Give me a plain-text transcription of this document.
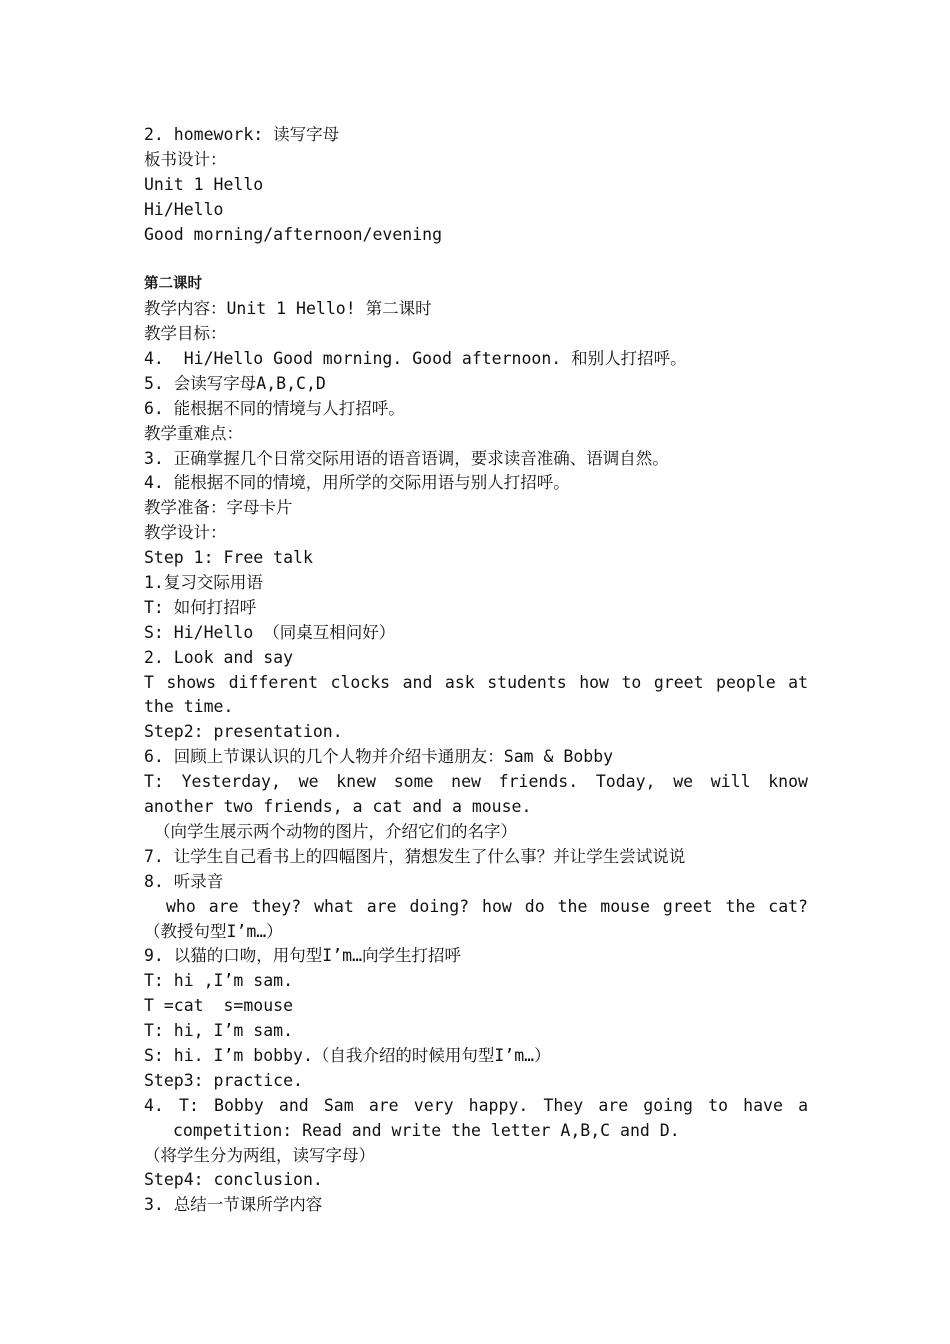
2. homework: 读写字母
板书设计：
Unit 1 Hello
Hi/Hello
Good morning/afternoon/evening
第二课时
教学内容：Unit 1 Hello! 第二课时
教学目标：
4.  Hi/Hello Good morning. Good afternoon. 和别人打招呼。
5. 会读写字母A,B,C,D
6. 能根据不同的情境与人打招呼。
教学重难点：
3. 正确掌握几个日常交际用语的语音语调，要求读音准确、语调自然。
4. 能根据不同的情境，用所学的交际用语与别人打招呼。
教学准备：字母卡片
教学设计：
Step 1: Free talk
1.复习交际用语
T: 如何打招呼
S: Hi/Hello （同桌互相问好）
2. Look and say
T shows different clocks and ask students how to greet people at
the time.
Step2: presentation.
6. 回顾上节课认识的几个人物并介绍卡通朋友：Sam & Bobby
T: Yesterday, we knew some new friends. Today, we will know
another two friends, a cat and a mouse.
（向学生展示两个动物的图片，介绍它们的名字）
7. 让学生自己看书上的四幅图片，猜想发生了什么事？并让学生尝试说说
8. 听录音
who are they? what are doing? how do the mouse greet the cat?
（教授句型I’m…）
9. 以猫的口吻，用句型I’m…向学生打招呼
T: hi ,I’m sam.
T =cat  s=mouse
T: hi, I’m sam.
S: hi. I’m bobby.（自我介绍的时候用句型I’m…）
Step3: practice.
4. T: Bobby and Sam are very happy. They are going to have a
competition: Read and write the letter A,B,C and D.
（将学生分为两组，读写字母）
Step4: conclusion.
3. 总结一节课所学内容
